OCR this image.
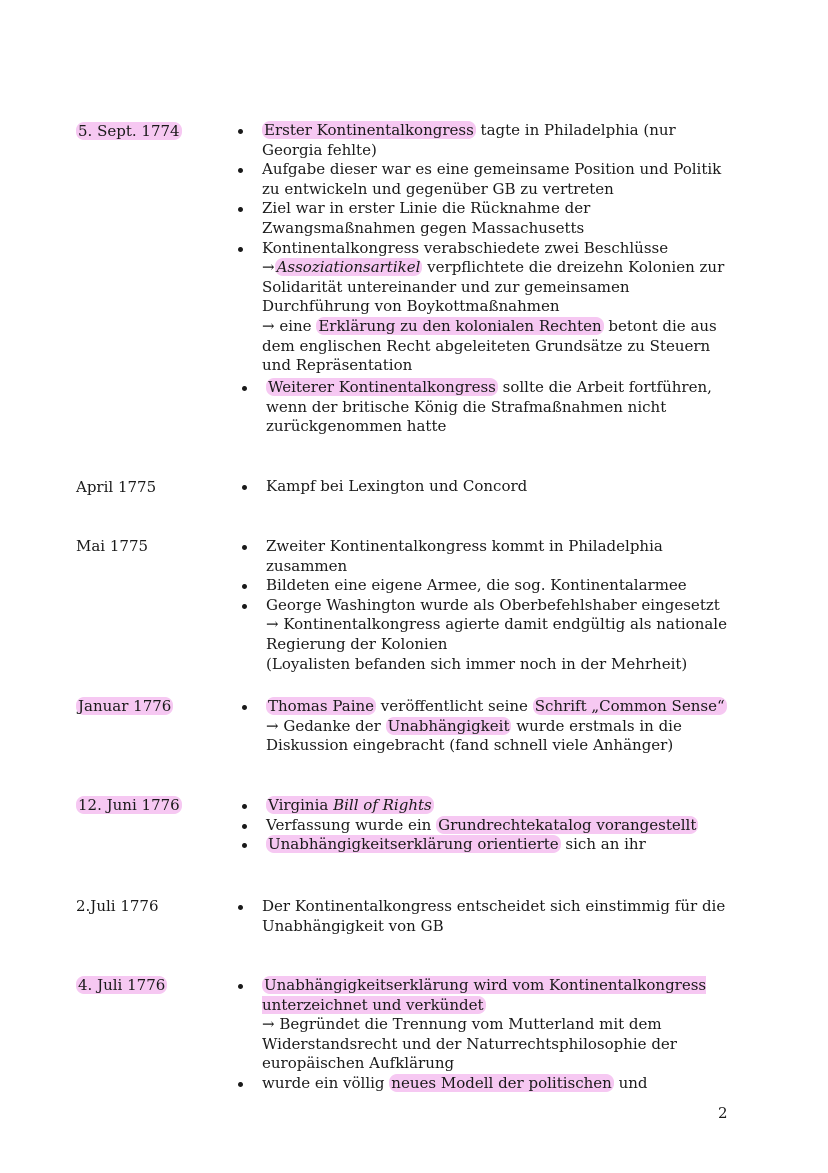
5. Sept. 1774	Erster Kontinentalkongress tagte in Philadelphia (nur Georgia fehlte)
Aufgabe dieser war es eine gemeinsame Position und Politik zu entwickeln und gegenüber GB zu vertreten
Ziel war in erster Linie die Rücknahme der Zwangsmaßnahmen gegen Massachusetts
Kontinentalkongress verabschiedete zwei Beschlüsse
→ Assoziationsartikel verpflichtete die dreizehn Kolonien zur Solidarität untereinander und zur gemeinsamen Durchführung von Boykottmaßnahmen
→ eine Erklärung zu den kolonialen Rechten betont die aus dem englischen Recht abgeleiteten Grundsätze zu Steuern und Repräsentation
Weiterer Kontinentalkongress sollte die Arbeit fortführen, wenn der britische König die Strafmaßnahmen nicht zurückgenommen hatte
April 1775	Kampf bei Lexington und Concord
Mai 1775	Zweiter Kontinentalkongress kommt in Philadelphia zusammen
Bildeten eine eigene Armee, die sog. Kontinentalarmee
George Washington wurde als Oberbefehlshaber eingesetzt
→ Kontinentalkongress agierte damit endgültig als nationale Regierung der Kolonien
(Loyalisten befanden sich immer noch in der Mehrheit)
Januar 1776	Thomas Paine veröffentlicht seine Schrift „Common Sense“
→ Gedanke der Unabhängigkeit wurde erstmals in die Diskussion eingebracht (fand schnell viele Anhänger)
12. Juni 1776	Virginia Bill of Rights
Verfassung wurde ein Grundrechtekatalog vorangestellt
Unabhängigkeitserklärung orientierte sich an ihr
2.Juli 1776	Der Kontinentalkongress entscheidet sich einstimmig für die Unabhängigkeit von GB
4. Juli 1776	Unabhängigkeitserklärung wird vom Kontinentalkongress unterzeichnet und verkündet
→ Begründet die Trennung vom Mutterland mit dem Widerstandsrecht und der Naturrechtsphilosophie der europäischen Aufklärung
wurde ein völlig neues Modell der politischen und
2
